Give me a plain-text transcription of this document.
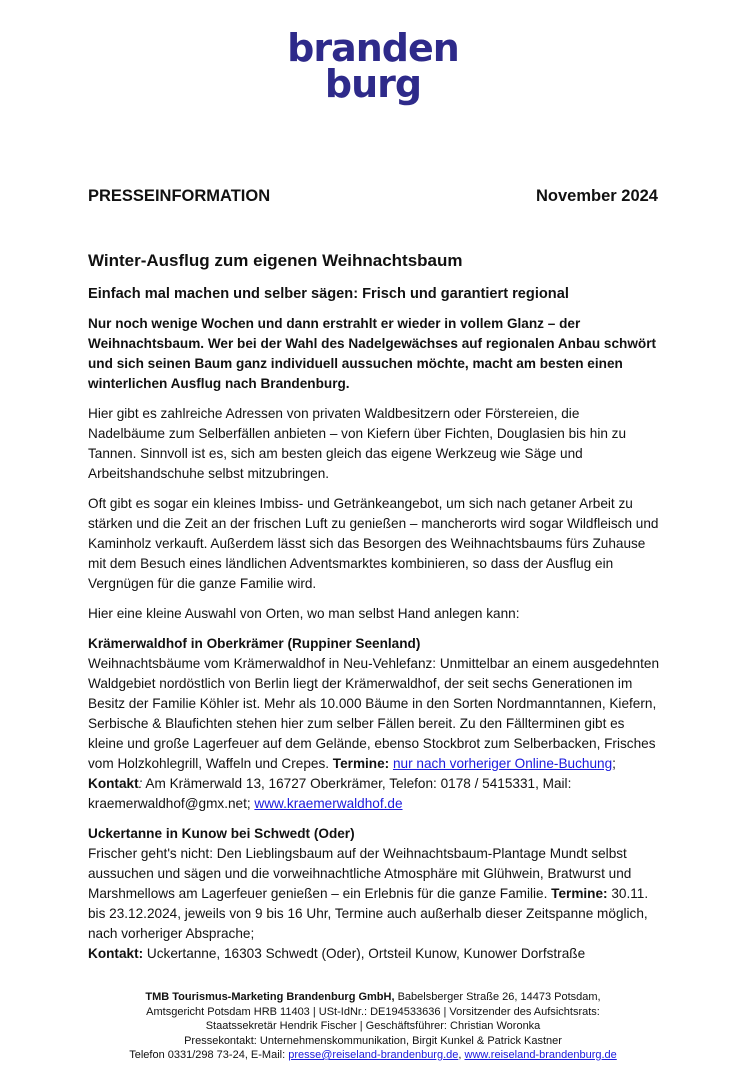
branden
burg
PRESSEINFORMATION	November 2024
Winter-Ausflug zum eigenen Weihnachtsbaum
Einfach mal machen und selber sägen: Frisch und garantiert regional

Nur noch wenige Wochen und dann erstrahlt er wieder in vollem Glanz – der Weihnachtsbaum. Wer bei der Wahl des Nadelgewächses auf regionalen Anbau schwört und sich seinen Baum ganz individuell aussuchen möchte, macht am besten einen winterlichen Ausflug nach Brandenburg.

Hier gibt es zahlreiche Adressen von privaten Waldbesitzern oder Förstereien, die Nadelbäume zum Selberfällen anbieten – von Kiefern über Fichten, Douglasien bis hin zu Tannen. Sinnvoll ist es, sich am besten gleich das eigene Werkzeug wie Säge und Arbeitshandschuhe selbst mitzubringen.

Oft gibt es sogar ein kleines Imbiss- und Getränkeangebot, um sich nach getaner Arbeit zu stärken und die Zeit an der frischen Luft zu genießen – mancherorts wird sogar Wildfleisch und Kaminholz verkauft. Außerdem lässt sich das Besorgen des Weihnachtsbaums fürs Zuhause mit dem Besuch eines ländlichen Adventsmarktes kombinieren, so dass der Ausflug ein Vergnügen für die ganze Familie wird.

Hier eine kleine Auswahl von Orten, wo man selbst Hand anlegen kann:

Krämerwaldhof in Oberkrämer (Ruppiner Seenland)
Weihnachtsbäume vom Krämerwaldhof in Neu-Vehlefanz: Unmittelbar an einem ausgedehnten Waldgebiet nordöstlich von Berlin liegt der Krämerwaldhof, der seit sechs Generationen im Besitz der Familie Köhler ist. Mehr als 10.000 Bäume in den Sorten Nordmanntannen, Kiefern, Serbische & Blaufichten stehen hier zum selber Fällen bereit. Zu den Fällterminen gibt es kleine und große Lagerfeuer auf dem Gelände, ebenso Stockbrot zum Selberbacken, Frisches vom Holzkohlegrill, Waffeln und Crepes. Termine: nur nach vorheriger Online-Buchung; Kontakt: Am Krämerwald 13, 16727 Oberkrämer, Telefon: 0178 / 5415331, Mail: kraemerwaldhof@gmx.net; www.kraemerwaldhof.de

Uckertanne in Kunow bei Schwedt (Oder)
Frischer geht's nicht: Den Lieblingsbaum auf der Weihnachtsbaum-Plantage Mundt selbst aussuchen und sägen und die vorweihnachtliche Atmosphäre mit Glühwein, Bratwurst und Marshmellows am Lagerfeuer genießen – ein Erlebnis für die ganze Familie. Termine: 30.11. bis 23.12.2024, jeweils von 9 bis 16 Uhr, Termine auch außerhalb dieser Zeitspanne möglich, nach vorheriger Absprache;
Kontakt: Uckertanne, 16303 Schwedt (Oder), Ortsteil Kunow, Kunower Dorfstraße

TMB Tourismus-Marketing Brandenburg GmbH, Babelsberger Straße 26, 14473 Potsdam,
Amtsgericht Potsdam HRB 11403 | USt-IdNr.: DE194533636 | Vorsitzender des Aufsichtsrats:
Staatssekretär Hendrik Fischer | Geschäftsführer: Christian Woronka
Pressekontakt: Unternehmenskommunikation, Birgit Kunkel & Patrick Kastner
Telefon 0331/298 73-24, E-Mail: presse@reiseland-brandenburg.de, www.reiseland-brandenburg.de
